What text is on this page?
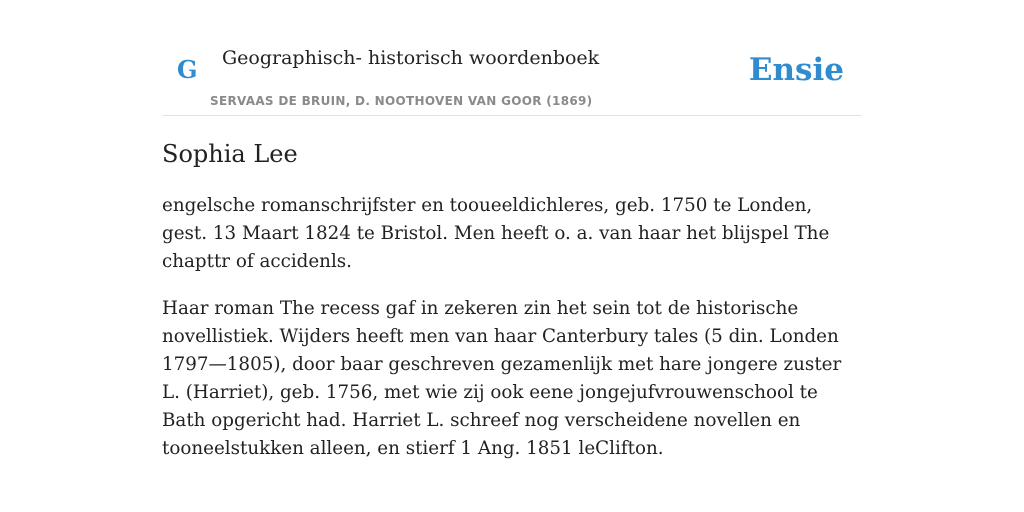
G Geographisch- historisch woordenboek
SERVAAS DE BRUIN, D. NOOTHOVEN VAN GOOR (1869)
Ensie
Sophia Lee

engelsche romanschrijfster en tooueeldichleres, geb. 1750 te Londen, gest. 13 Maart 1824 te Bristol. Men heeft o. a. van haar het blijspel The chapttr of accidenls.

Haar roman The recess gaf in zekeren zin het sein tot de historische novellistiek. Wijders heeft men van haar Canterbury tales (5 din. Londen 1797—1805), door baar geschreven gezamenlijk met hare jongere zuster L. (Harriet), geb. 1756, met wie zij ook eene jongejufvrouwenschool te Bath opgericht had. Harriet L. schreef nog verscheidene novellen en tooneelstukken alleen, en stierf 1 Ang. 1851 leClifton.
